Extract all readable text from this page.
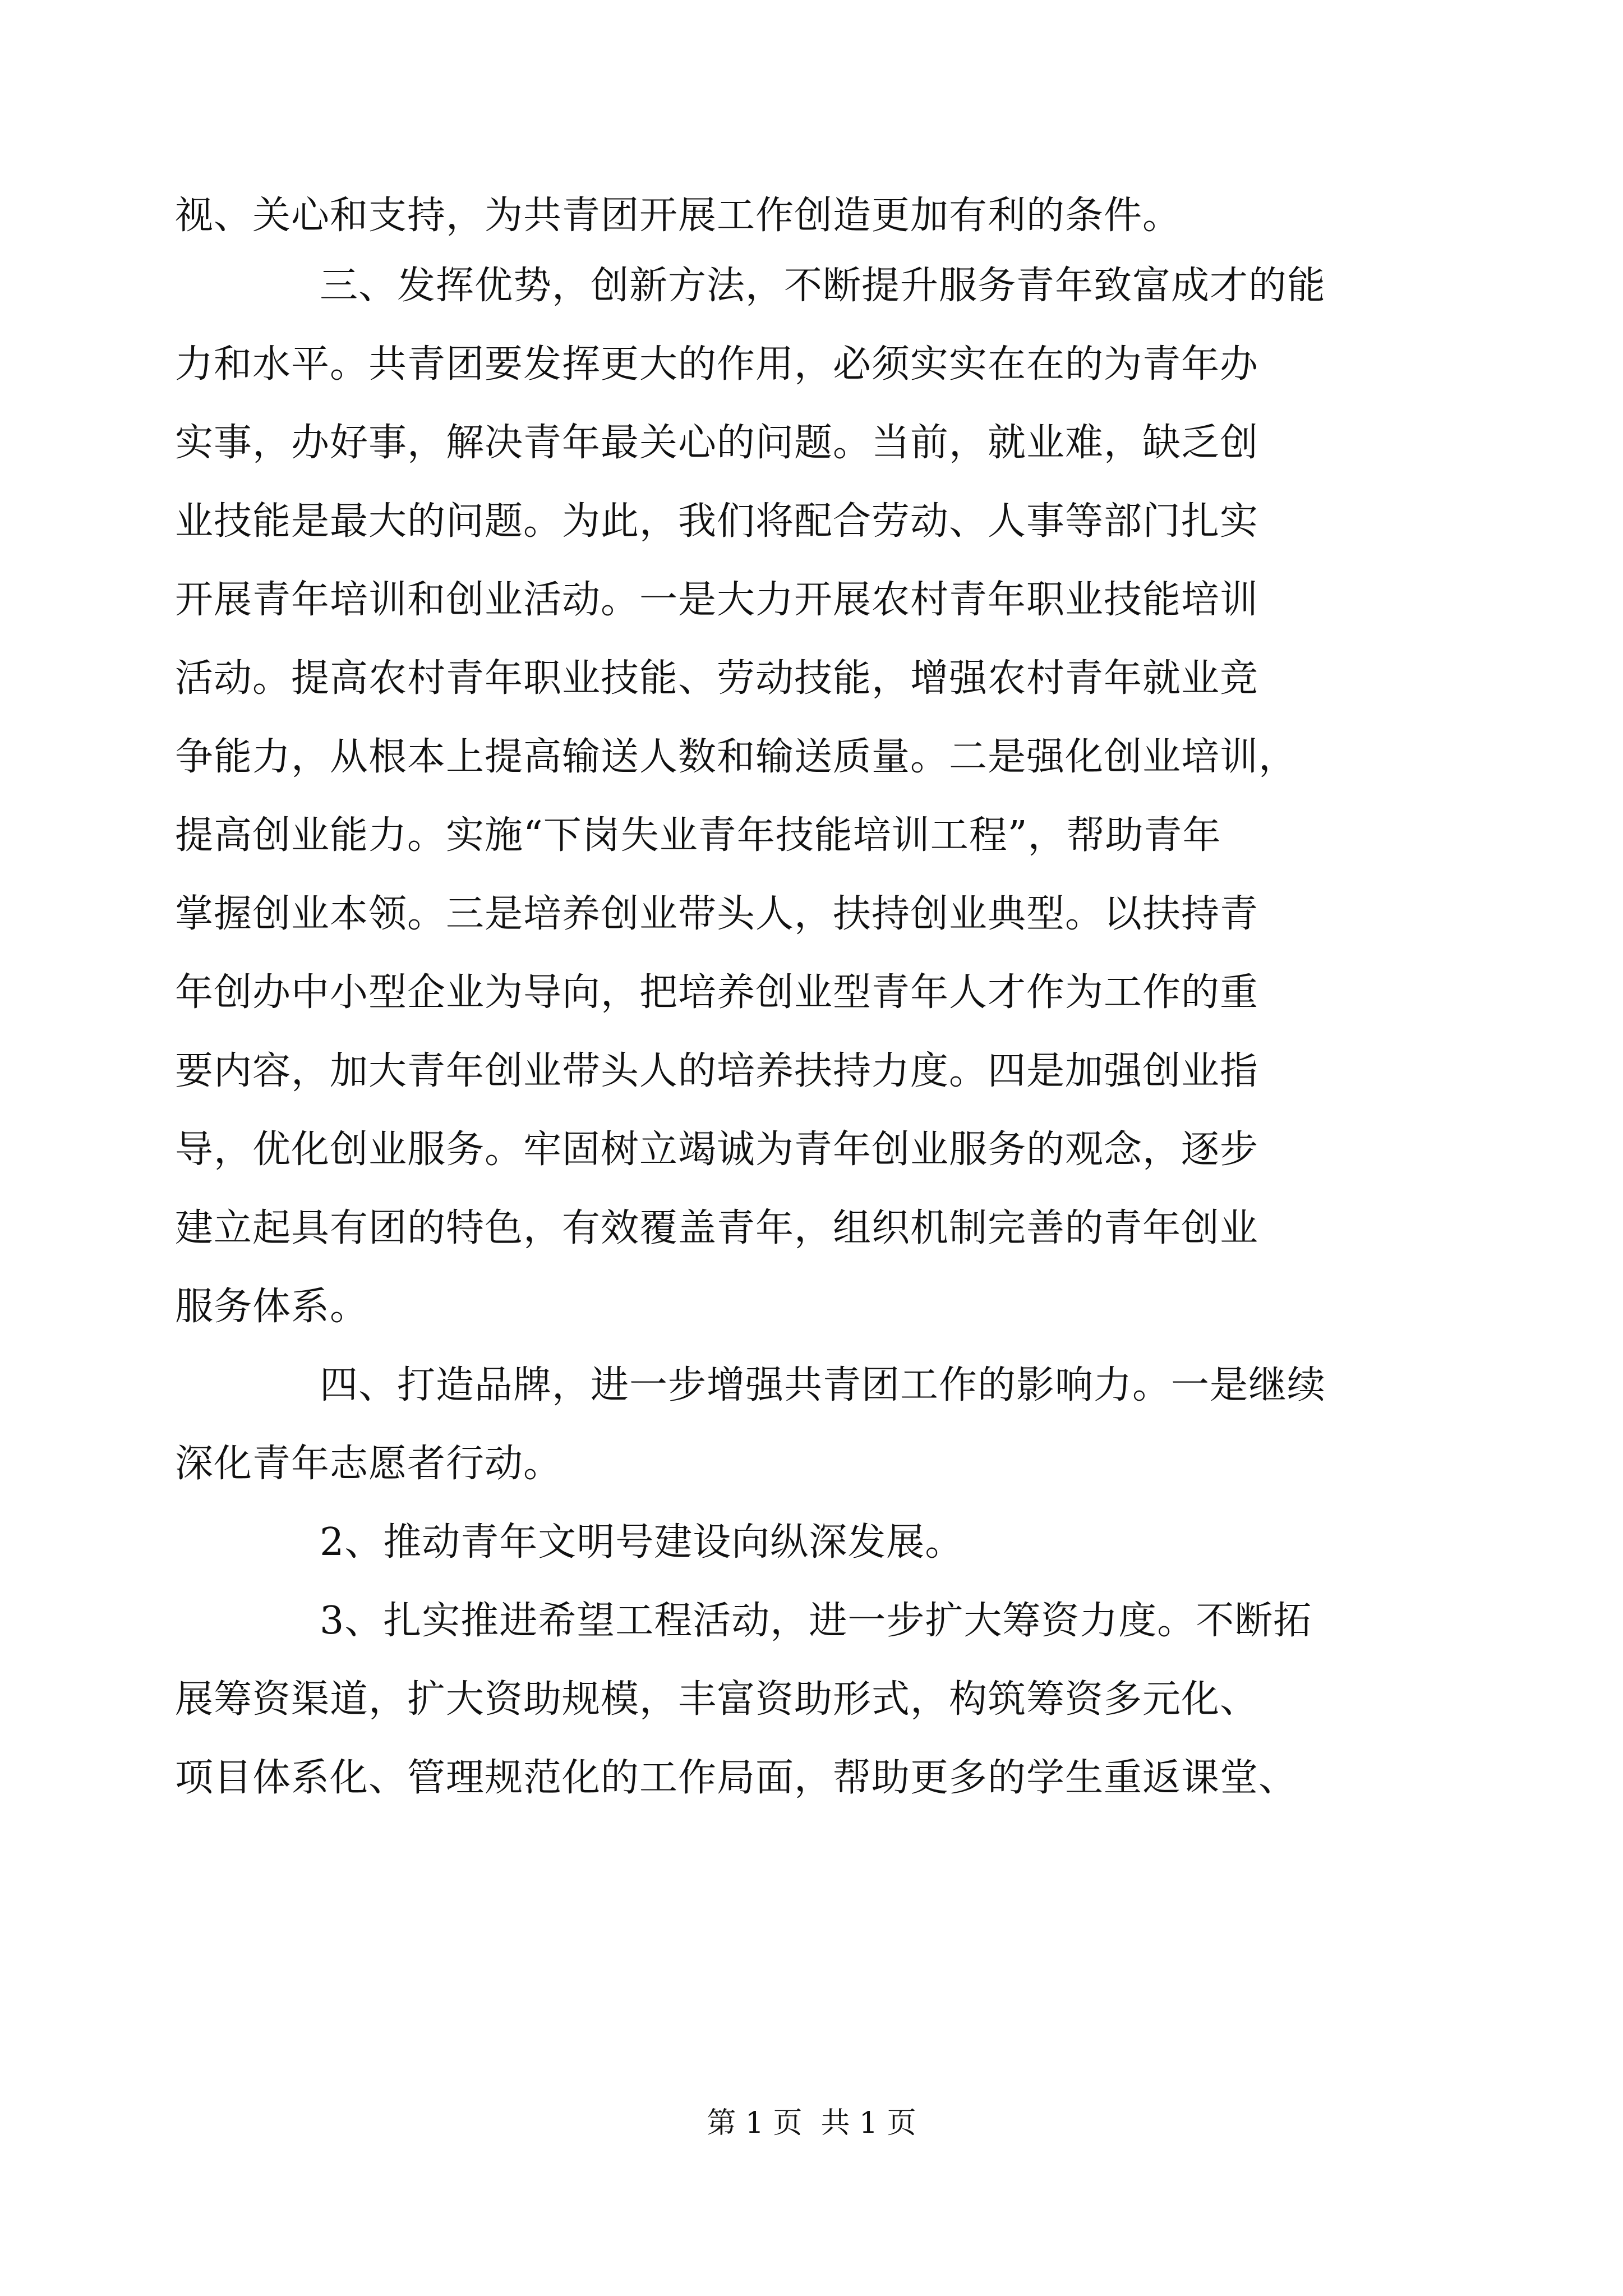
视、关心和支持，为共青团开展工作创造更加有利的条件。
三、发挥优势，创新方法，不断提升服务青年致富成才的能
力和水平。共青团要发挥更大的作用，必须实实在在的为青年办
实事，办好事，解决青年最关心的问题。当前，就业难，缺乏创
业技能是最大的问题。为此，我们将配合劳动、人事等部门扎实
开展青年培训和创业活动。一是大力开展农村青年职业技能培训
活动。提高农村青年职业技能、劳动技能，增强农村青年就业竞
争能力，从根本上提高输送人数和输送质量。二是强化创业培训，
提高创业能力。实施“下岗失业青年技能培训工程”，帮助青年
掌握创业本领。三是培养创业带头人，扶持创业典型。以扶持青
年创办中小型企业为导向，把培养创业型青年人才作为工作的重
要内容，加大青年创业带头人的培养扶持力度。四是加强创业指
导，优化创业服务。牢固树立竭诚为青年创业服务的观念，逐步
建立起具有团的特色，有效覆盖青年，组织机制完善的青年创业
服务体系。
四、打造品牌，进一步增强共青团工作的影响力。一是继续
深化青年志愿者行动。
2、推动青年文明号建设向纵深发展。
3、扎实推进希望工程活动，进一步扩大筹资力度。不断拓
展筹资渠道，扩大资助规模，丰富资助形式，构筑筹资多元化、
项目体系化、管理规范化的工作局面，帮助更多的学生重返课堂、
第 1 页  共 1 页
